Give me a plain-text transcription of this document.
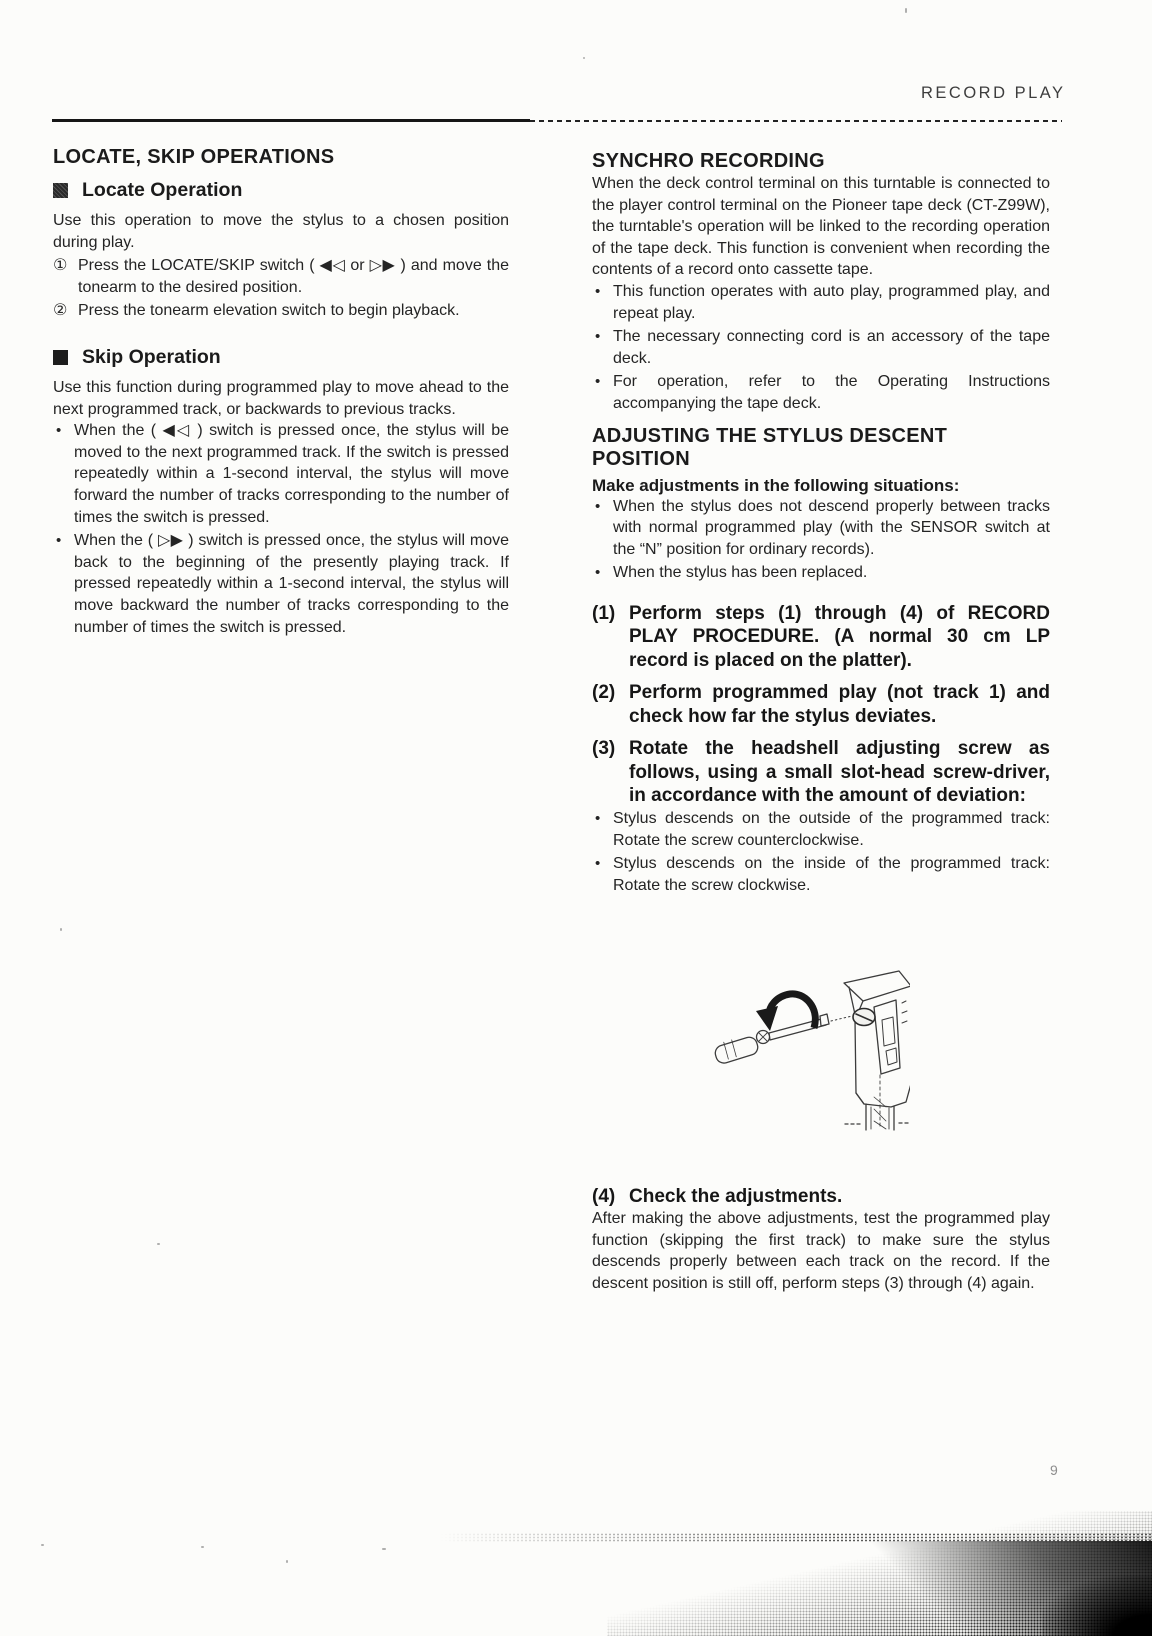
RECORD PLAY
LOCATE, SKIP OPERATIONS
Locate Operation

Use this operation to move the stylus to a chosen position during play.

① Press the LOCATE/SKIP switch ( ◀◁ or ▷▶ ) and move the tonearm to the desired position.
② Press the tonearm elevation switch to begin playback.
Skip Operation

Use this function during programmed play to move ahead to the next programmed track, or backwards to previous tracks.

• When the ( ◀◁ ) switch is pressed once, the stylus will be moved to the next programmed track. If the switch is pressed repeatedly within a 1-second interval, the stylus will move forward the number of tracks corresponding to the number of times the switch is pressed.
• When the ( ▷▶ ) switch is pressed once, the stylus will move back to the beginning of the presently playing track. If pressed repeatedly within a 1-second interval, the stylus will move backward the number of tracks corresponding to the number of times the switch is pressed.
SYNCHRO RECORDING

When the deck control terminal on this turntable is connected to the player control terminal on the Pioneer tape deck (CT-Z99W), the turntable's operation will be linked to the recording operation of the tape deck. This function is convenient when recording the contents of a record onto cassette tape.

• This function operates with auto play, programmed play, and repeat play.
• The necessary connecting cord is an accessory of the tape deck.
• For operation, refer to the Operating Instructions accompanying the tape deck.
ADJUSTING THE STYLUS DESCENT POSITION

Make adjustments in the following situations:

• When the stylus does not descend properly between tracks with normal programmed play (with the SENSOR switch at the “N” position for ordinary records).
• When the stylus has been replaced.
(1) Perform steps (1) through (4) of RECORD PLAY PROCEDURE. (A normal 30 cm LP record is placed on the platter).
(2) Perform programmed play (not track 1) and check how far the stylus deviates.
(3) Rotate the headshell adjusting screw as follows, using a small slot-head screw-driver, in accordance with the amount of deviation:
• Stylus descends on the outside of the programmed track: Rotate the screw counterclockwise.
• Stylus descends on the inside of the programmed track: Rotate the screw clockwise.
(4) Check the adjustments.

After making the above adjustments, test the programmed play function (skipping the first track) to make sure the stylus descends properly between each track on the record. If the descent position is still off, perform steps (3) through (4) again.

9
